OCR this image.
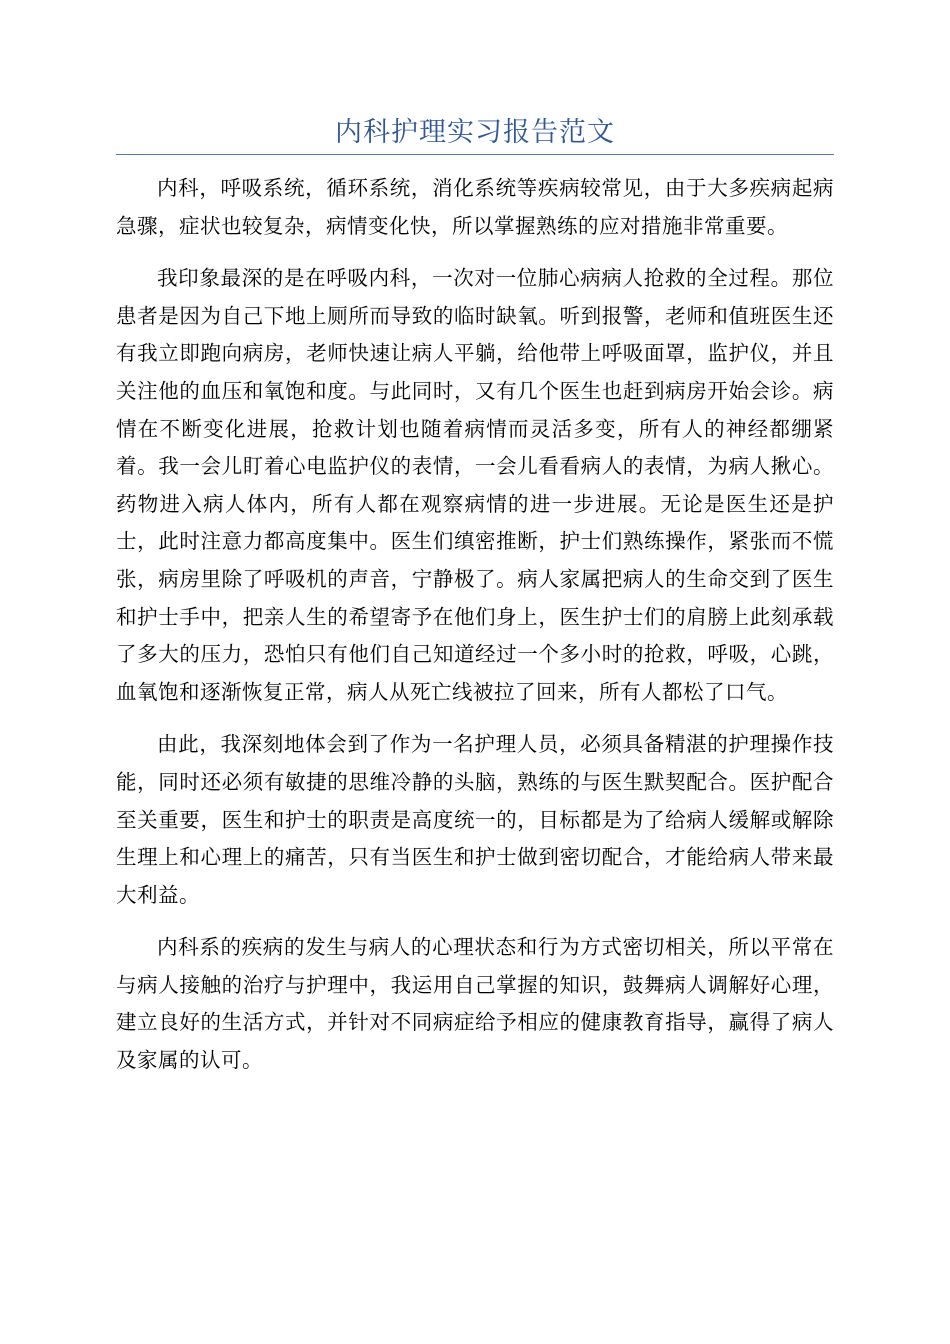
内科护理实习报告范文

内科，呼吸系统，循环系统，消化系统等疾病较常见，由于大多疾病起病急骤，症状也较复杂，病情变化快，所以掌握熟练的应对措施非常重要。

我印象最深的是在呼吸内科，一次对一位肺心病病人抢救的全过程。那位患者是因为自己下地上厕所而导致的临时缺氧。听到报警，老师和值班医生还有我立即跑向病房，老师快速让病人平躺，给他带上呼吸面罩，监护仪，并且关注他的血压和氧饱和度。与此同时，又有几个医生也赶到病房开始会诊。病情在不断变化进展，抢救计划也随着病情而灵活多变，所有人的神经都绷紧着。我一会儿盯着心电监护仪的表情，一会儿看看病人的表情，为病人揪心。药物进入病人体内，所有人都在观察病情的进一步进展。无论是医生还是护士，此时注意力都高度集中。医生们缜密推断，护士们熟练操作，紧张而不慌张，病房里除了呼吸机的声音，宁静极了。病人家属把病人的生命交到了医生和护士手中，把亲人生的希望寄予在他们身上，医生护士们的肩膀上此刻承载了多大的压力，恐怕只有他们自己知道经过一个多小时的抢救，呼吸，心跳，血氧饱和逐渐恢复正常，病人从死亡线被拉了回来，所有人都松了口气。

由此，我深刻地体会到了作为一名护理人员，必须具备精湛的护理操作技能，同时还必须有敏捷的思维冷静的头脑，熟练的与医生默契配合。医护配合至关重要，医生和护士的职责是高度统一的，目标都是为了给病人缓解或解除生理上和心理上的痛苦，只有当医生和护士做到密切配合，才能给病人带来最大利益。

内科系的疾病的发生与病人的心理状态和行为方式密切相关，所以平常在与病人接触的治疗与护理中，我运用自己掌握的知识，鼓舞病人调解好心理，建立良好的生活方式，并针对不同病症给予相应的健康教育指导，赢得了病人及家属的认可。
